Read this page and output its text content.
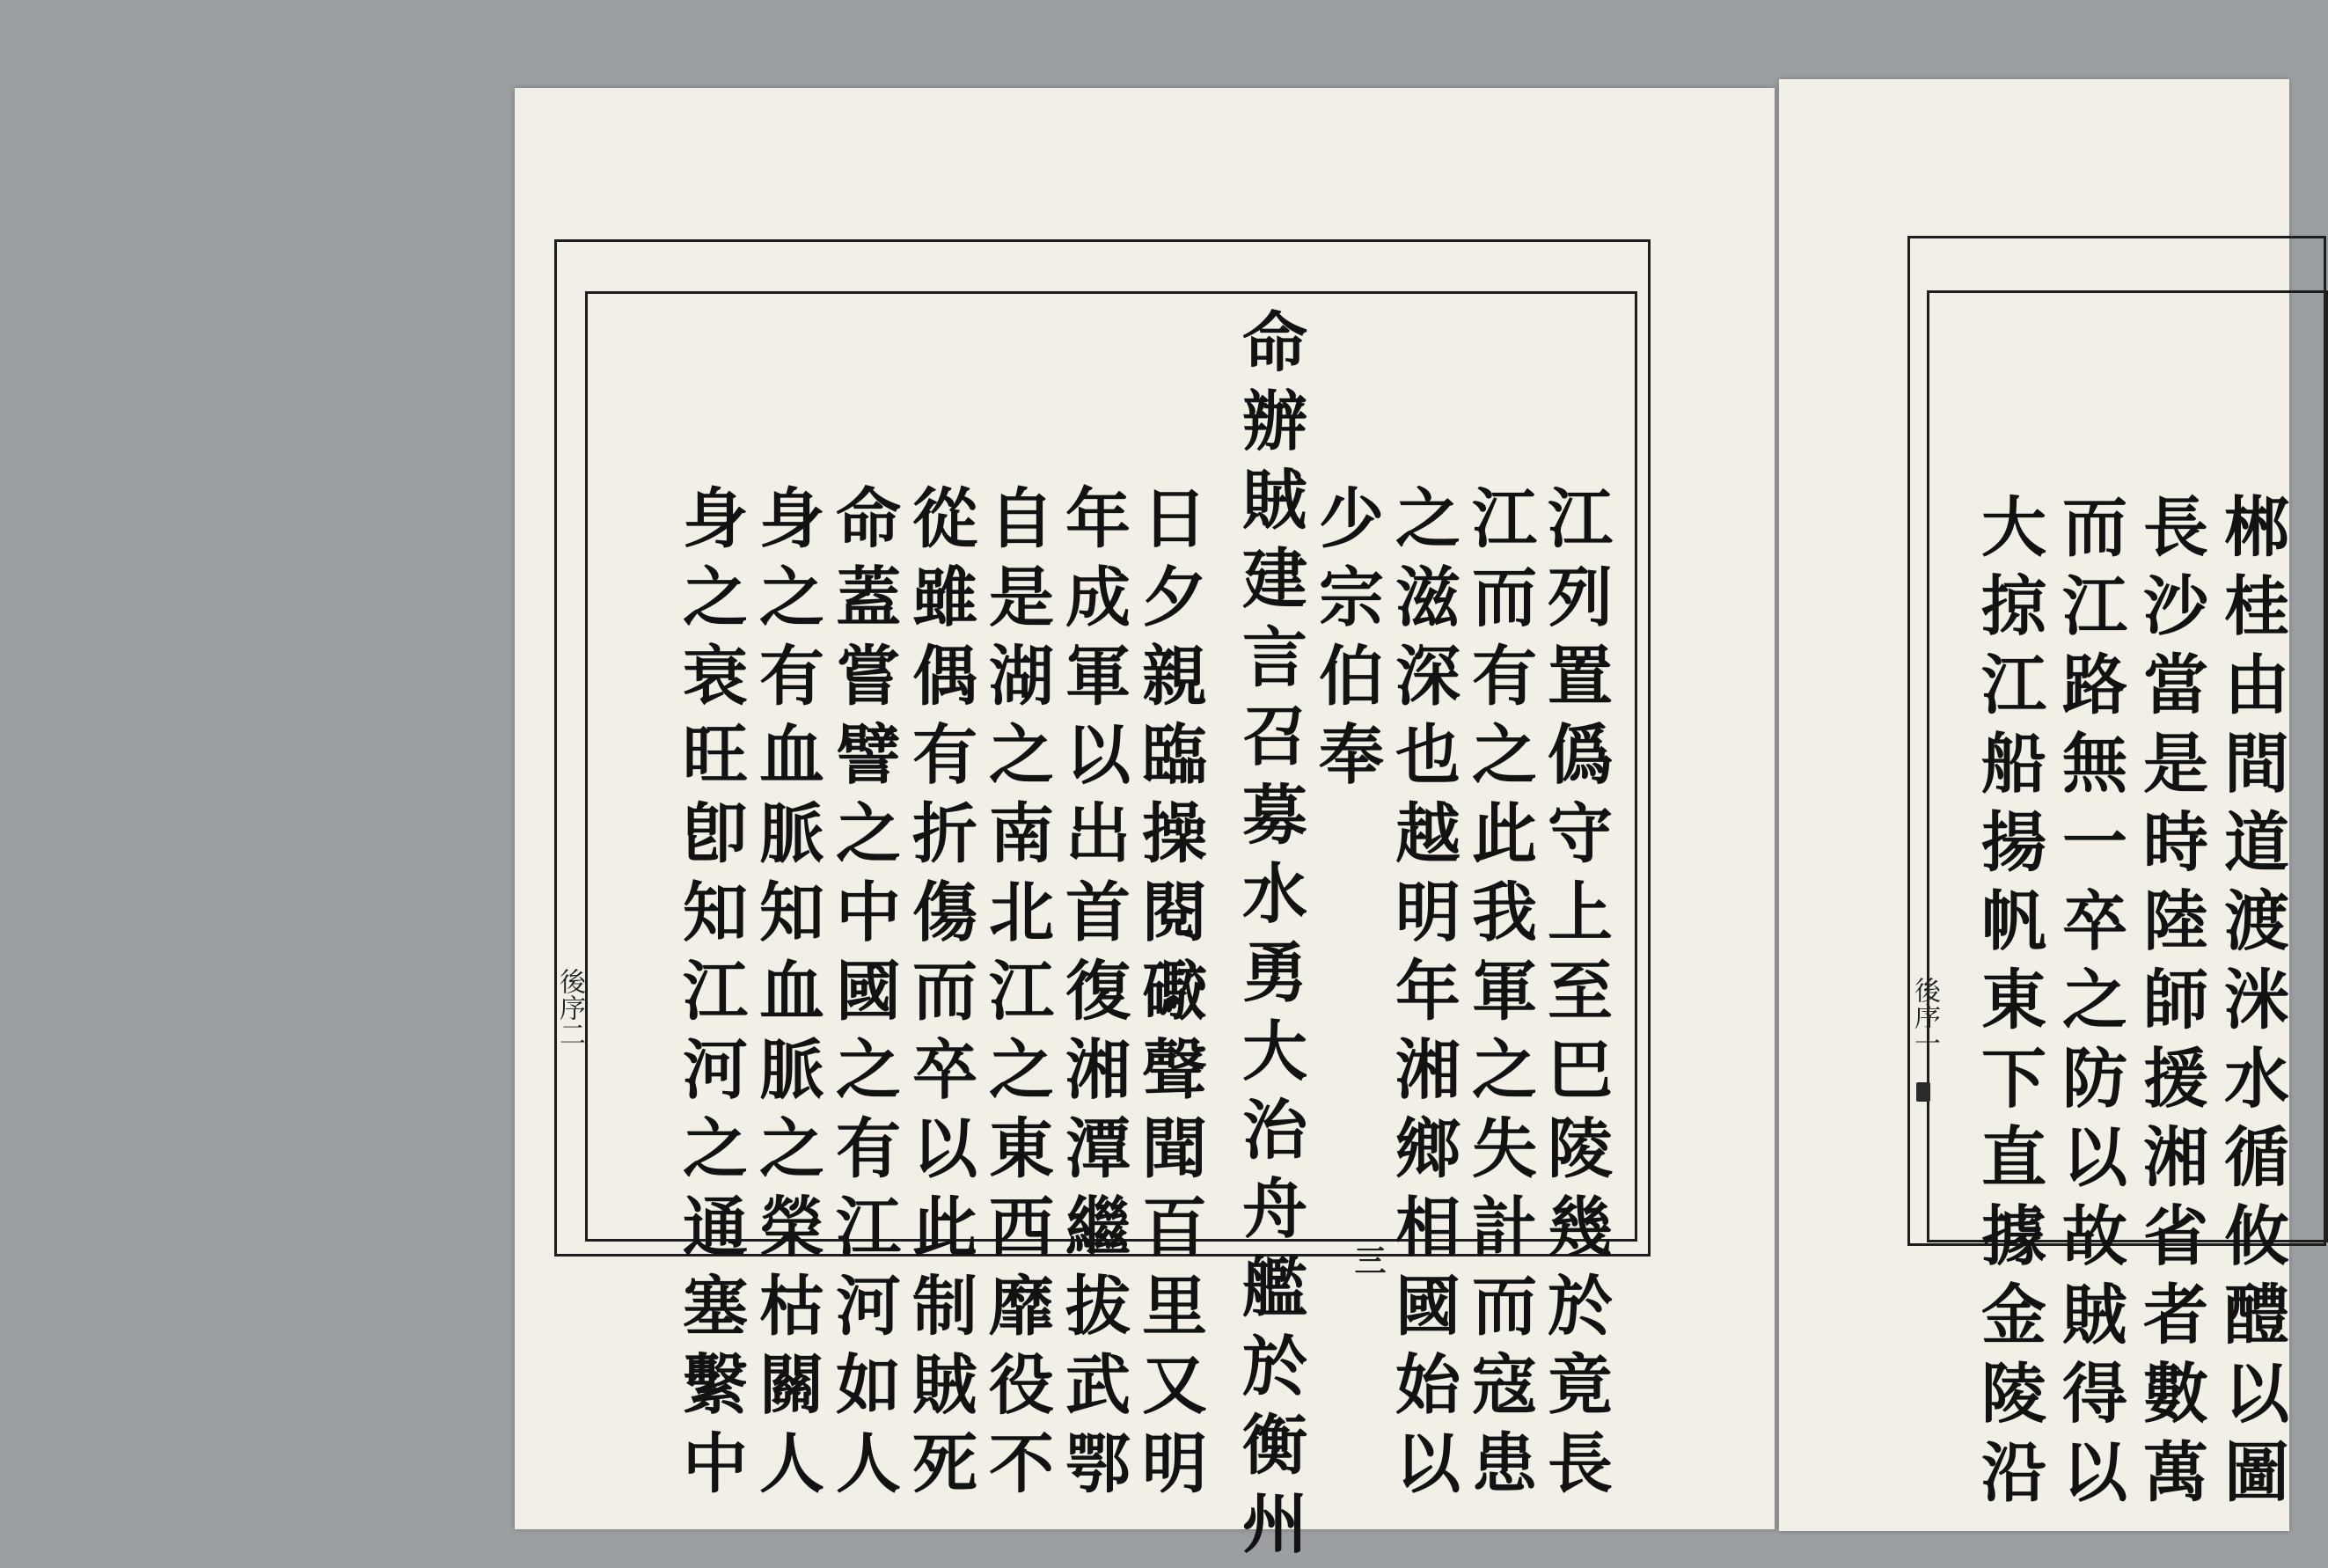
江列置僞守上至巴陵幾於竟長
江而有之此我軍之失計而寇患
之滋深也越明年湘鄉相國始以
少宗伯奉
命辦賊建言召募水勇大治舟艦於衡州
日夕親臨操閱礮聲聞百里又明
年成軍以出首復湘潭繼拔武鄂
自是湖之南北江之東西靡役不
從雖偶有折傷而卒以此制賊死
命蓋嘗譬之中國之有江河如人
身之有血脈知血脈之榮枯關人
身之衰旺卽知江河之通塞繫中
後序二
三	郴桂由間道渡洣水循攸醴以圖
長沙當是時陸師援湘省者數萬
而江路無一卒之防以故賊得以
大掠江船揚帆東下直據金陵沿
後序一
